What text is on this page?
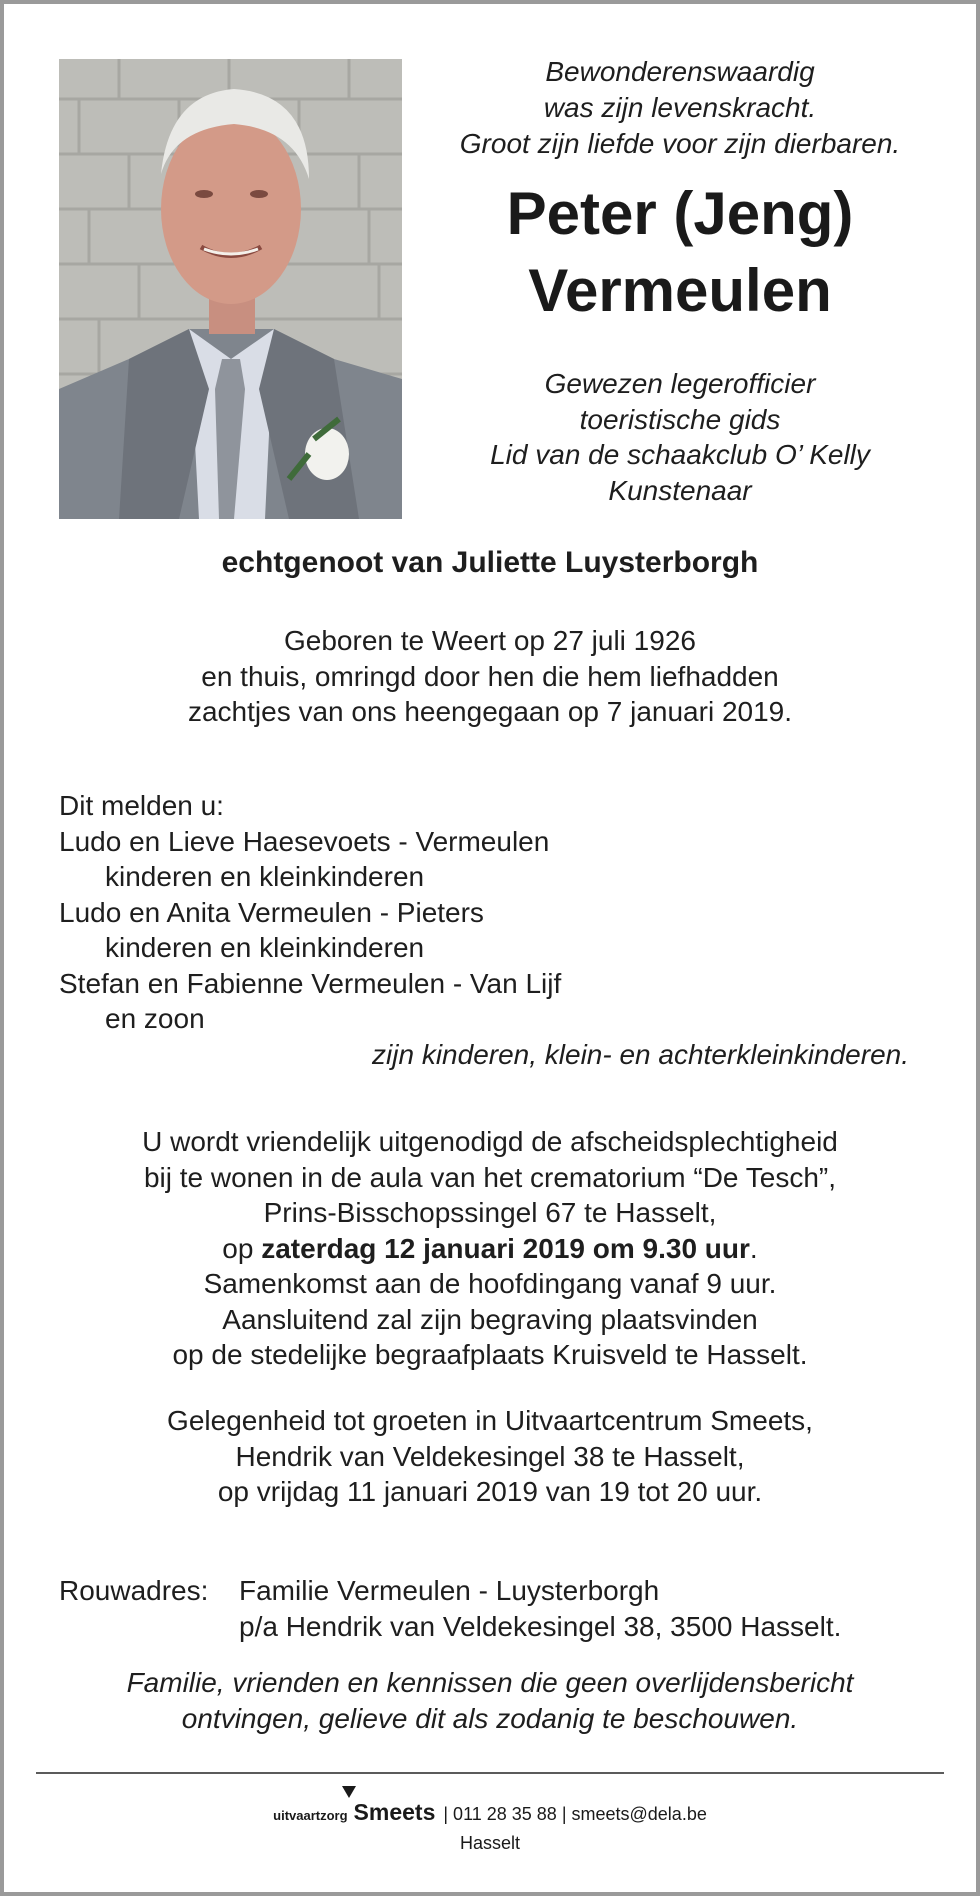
Bewonderenswaardig
was zijn levenskracht.
Groot zijn liefde voor zijn dierbaren.
Peter (Jeng)
Vermeulen
Gewezen legerofficier
toeristische gids
Lid van de schaakclub O’ Kelly
Kunstenaar
echtgenoot van Juliette Luysterborgh
Geboren te Weert op 27 juli 1926
en thuis, omringd door hen die hem liefhadden
zachtjes van ons heengegaan op 7 januari 2019.
Dit melden u:
Ludo en Lieve Haesevoets - Vermeulen
kinderen en kleinkinderen
Ludo en Anita Vermeulen - Pieters
kinderen en kleinkinderen
Stefan en Fabienne Vermeulen - Van Lijf
en zoon
zijn kinderen, klein- en achterkleinkinderen.
U wordt vriendelijk uitgenodigd de afscheidsplechtigheid
bij te wonen in de aula van het crematorium “De Tesch”,
Prins-Bisschopssingel 67 te Hasselt,
op zaterdag 12 januari 2019 om 9.30 uur.
Samenkomst aan de hoofdingang vanaf 9 uur.
Aansluitend zal zijn begraving plaatsvinden
op de stedelijke begraafplaats Kruisveld te Hasselt.
Gelegenheid tot groeten in Uitvaartcentrum Smeets,
Hendrik van Veldekesingel 38 te Hasselt,
op vrijdag 11 januari 2019 van 19 tot 20 uur.
Rouwadres: Familie Vermeulen - Luysterborgh
p/a Hendrik van Veldekesingel 38, 3500 Hasselt.
Familie, vrienden en kennissen die geen overlijdensbericht
ontvingen, gelieve dit als zodanig te beschouwen.
uitvaartzorg Smeets | 011 28 35 88 | smeets@dela.be
Hasselt
